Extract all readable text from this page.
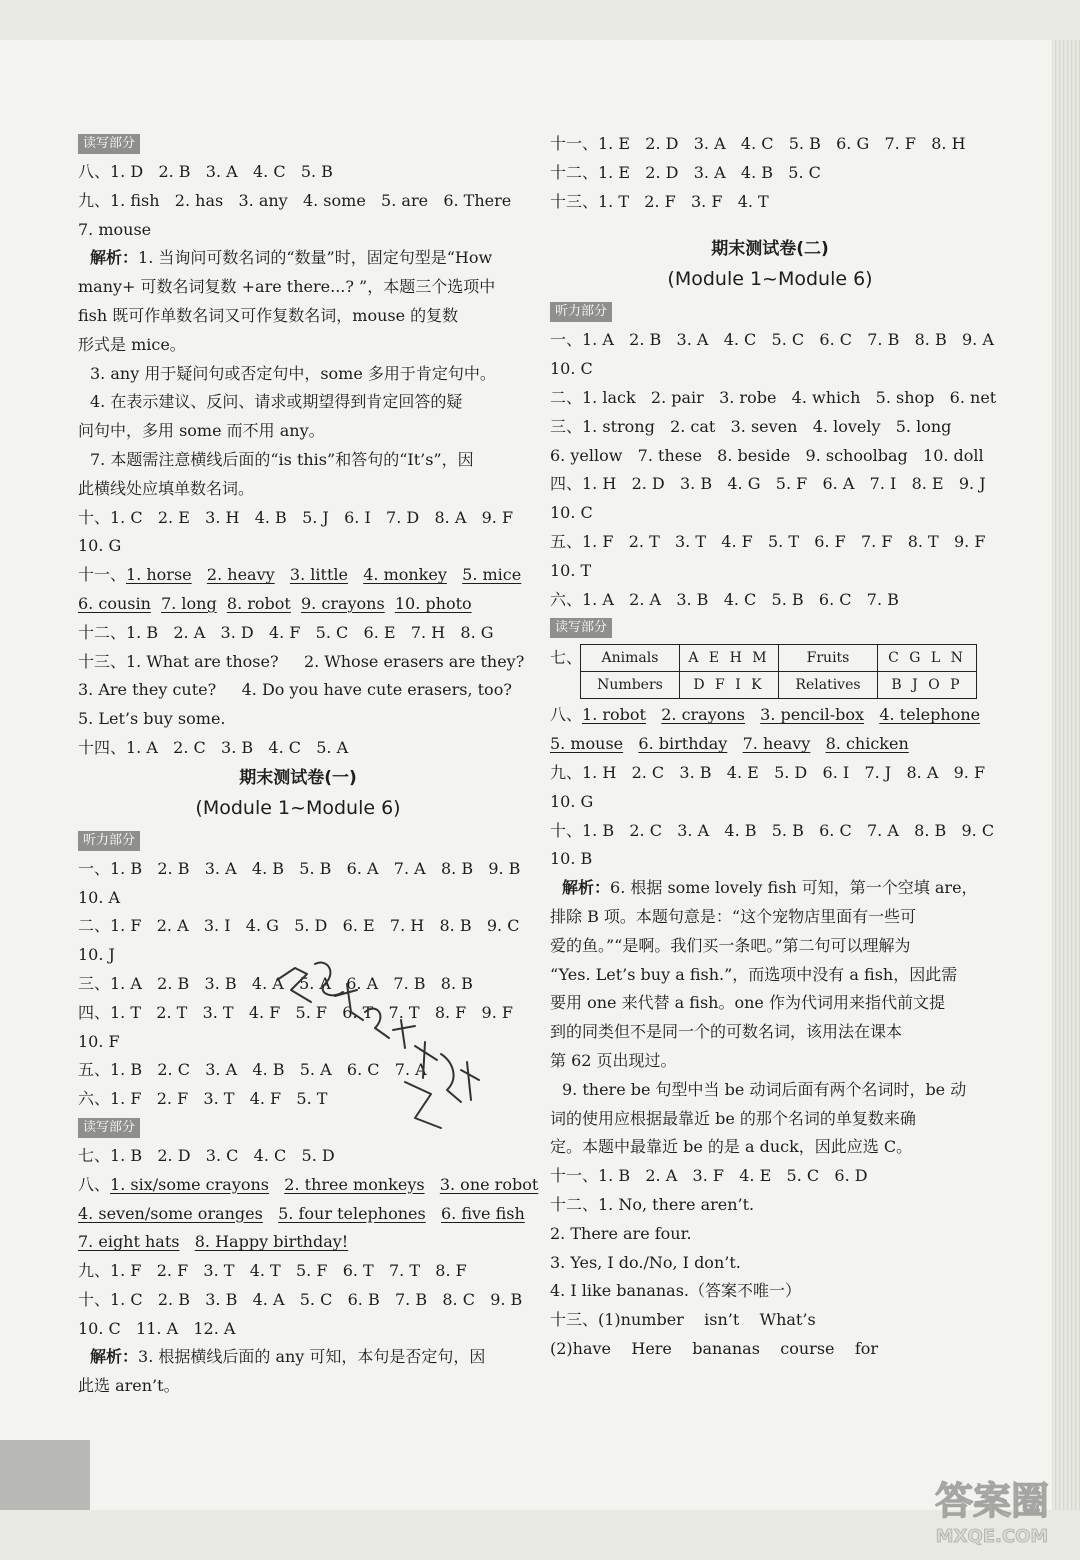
读写部分

八、1. D   2. B   3. A   4. C   5. B

九、1. fish   2. has   3. any   4. some   5. are   6. There

7. mouse

解析：1. 当询问可数名词的“数量”时，固定句型是“How

many+ 可数名词复数 +are there...? ”，本题三个选项中

fish 既可作单数名词又可作复数名词，mouse 的复数

形式是 mice。

3. any 用于疑问句或否定句中，some 多用于肯定句中。

4. 在表示建议、反问、请求或期望得到肯定回答的疑

问句中，多用 some 而不用 any。

7. 本题需注意横线后面的“is this”和答句的“It’s”，因

此横线处应填单数名词。

十、1. C   2. E   3. H   4. B   5. J   6. I   7. D   8. A   9. F

10. G

十一、1. horse 2. heavy 3. little 4. monkey 5. mice

6. cousin 7. long 8. robot 9. crayons 10. photo

十二、1. B   2. A   3. D   4. F   5. C   6. E   7. H   8. G

十三、1. What are those?     2. Whose erasers are they?

3. Are they cute?     4. Do you have cute erasers, too?

5. Let’s buy some.

十四、1. A   2. C   3. B   4. C   5. A

期末测试卷(一)
(Module 1~Module 6)
听力部分

一、1. B   2. B   3. A   4. B   5. B   6. A   7. A   8. B   9. B

10. A

二、1. F   2. A   3. I   4. G   5. D   6. E   7. H   8. B   9. C

10. J

三、1. A   2. B   3. B   4. A   5. A   6. A   7. B   8. B

四、1. T   2. T   3. T   4. F   5. F   6. T   7. T   8. F   9. F

10. F

五、1. B   2. C   3. A   4. B   5. A   6. C   7. A

六、1. F   2. F   3. T   4. F   5. T

读写部分

七、1. B   2. D   3. C   4. C   5. D

八、1. six/some crayons 2. three monkeys 3. one robot

4. seven/some oranges 5. four telephones 6. five fish

7. eight hats 8. Happy birthday!

九、1. F   2. F   3. T   4. T   5. F   6. T   7. T   8. F

十、1. C   2. B   3. B   4. A   5. C   6. B   7. B   8. C   9. B

10. C   11. A   12. A

解析：3. 根据横线后面的 any 可知，本句是否定句，因

此选 aren’t。

十一、1. E   2. D   3. A   4. C   5. B   6. G   7. F   8. H

十二、1. E   2. D   3. A   4. B   5. C

十三、1. T   2. F   3. F   4. T

期末测试卷(二)
(Module 1~Module 6)
听力部分

一、1. A   2. B   3. A   4. C   5. C   6. C   7. B   8. B   9. A

10. C

二、1. lack   2. pair   3. robe   4. which   5. shop   6. net

三、1. strong   2. cat   3. seven   4. lovely   5. long

6. yellow   7. these   8. beside   9. schoolbag   10. doll

四、1. H   2. D   3. B   4. G   5. F   6. A   7. I   8. E   9. J

10. C

五、1. F   2. T   3. T   4. F   5. T   6. F   7. F   8. T   9. F

10. T

六、1. A   2. A   3. B   4. C   5. B   6. C   7. B

读写部分
七、 Animals	A E H M	Fruits	C G L N
Numbers	D F I K	Relatives	B J O P

八、1. robot 2. crayons 3. pencil-box 4. telephone

5. mouse 6. birthday 7. heavy 8. chicken

九、1. H   2. C   3. B   4. E   5. D   6. I   7. J   8. A   9. F

10. G

十、1. B   2. C   3. A   4. B   5. B   6. C   7. A   8. B   9. C

10. B

解析：6. 根据 some lovely fish 可知，第一个空填 are，

排除 B 项。本题句意是：“这个宠物店里面有一些可

爱的鱼。”“是啊。我们买一条吧。”第二句可以理解为

“Yes. Let’s buy a fish.”，而选项中没有 a fish，因此需

要用 one 来代替 a fish。one 作为代词用来指代前文提

到的同类但不是同一个的可数名词，该用法在课本

第 62 页出现过。

9. there be 句型中当 be 动词后面有两个名词时，be 动

词的使用应根据最靠近 be 的那个名词的单复数来确

定。本题中最靠近 be 的是 a duck，因此应选 C。

十一、1. B   2. A   3. F   4. E   5. C   6. D

十二、1. No, there aren’t.

2. There are four.

3. Yes, I do./No, I don’t.

4. I like bananas.（答案不唯一）

十三、(1)number    isn’t    What’s

(2)have    Here    bananas    course    for

答案圈
MXQE.COM
